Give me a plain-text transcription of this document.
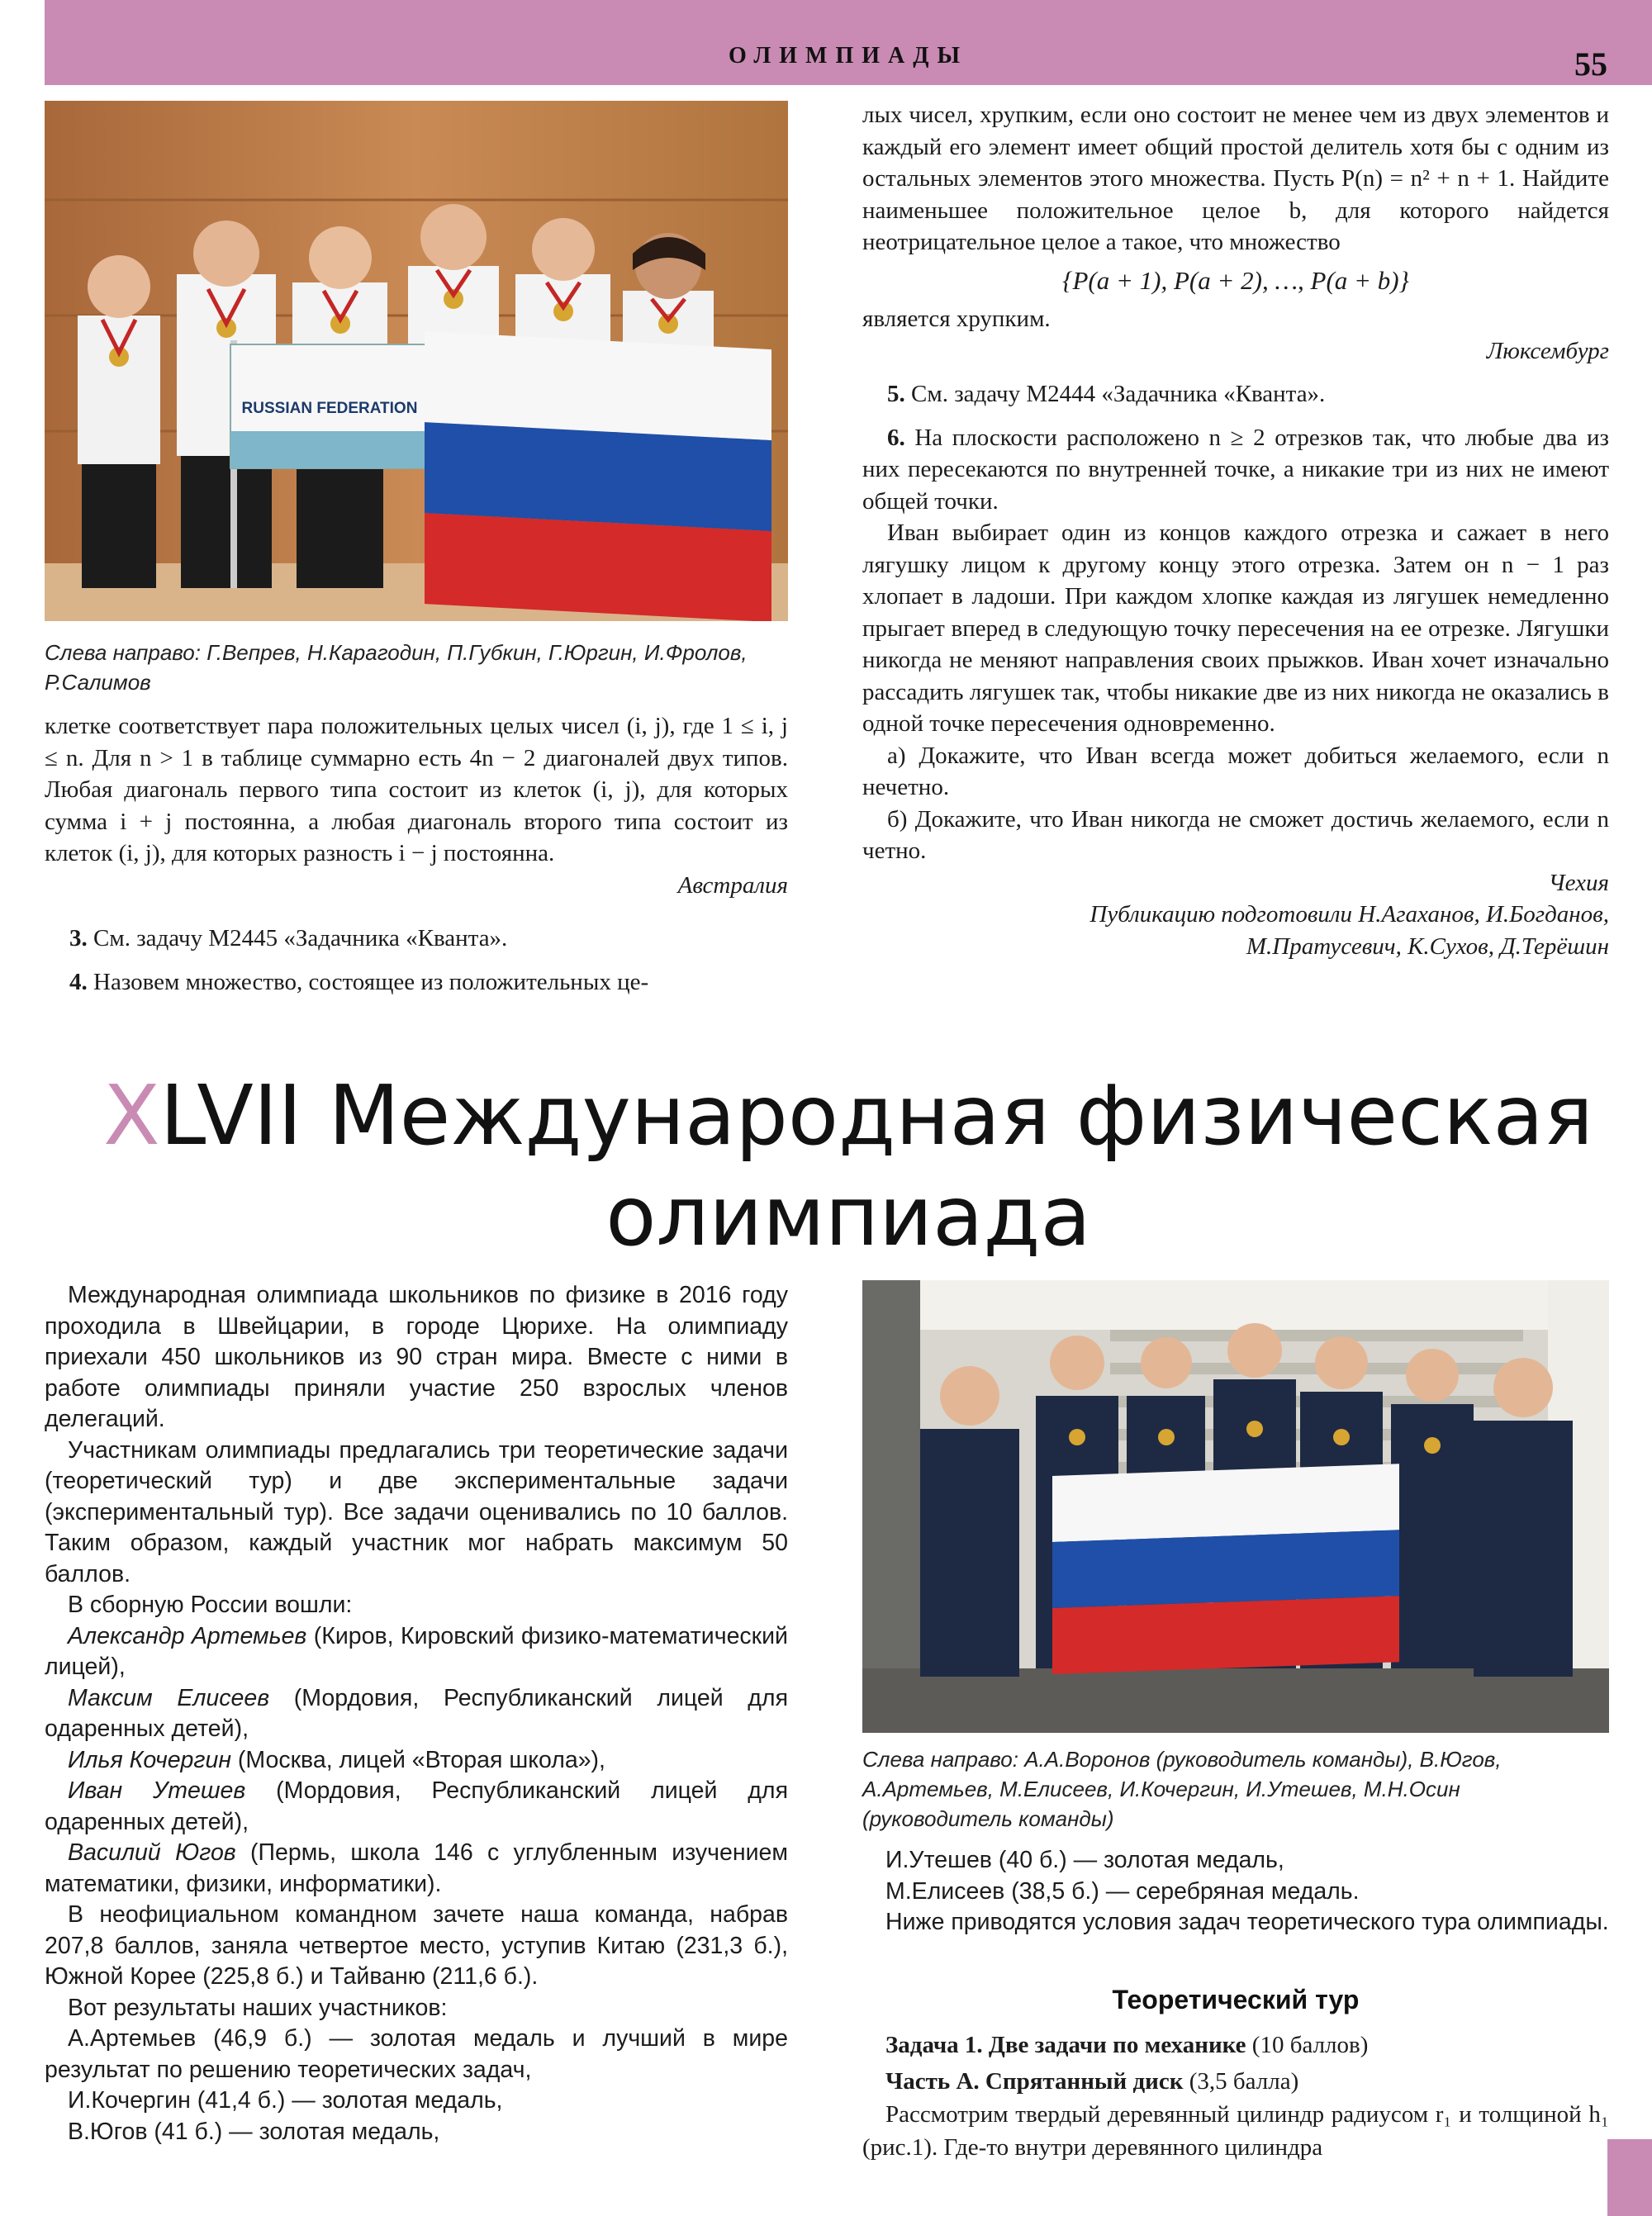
ОЛИМПИАДЫ	55
RUSSIAN FEDERATION
Слева направо: Г.Вепрев, Н.Карагодин, П.Губкин, Г.Юргин, И.Фролов, Р.Салимов

клетке соответствует пара положительных целых чисел (i, j), где 1 ≤ i, j ≤ n. Для n > 1 в таблице суммарно есть 4n − 2 диагоналей двух типов. Любая диагональ первого типа состоит из клеток (i, j), для которых сумма i + j постоянна, а любая диагональ второго типа состоит из клеток (i, j), для которых разность i − j постоянна.

Австралия

3. См. задачу М2445 «Задачника «Кванта».

4. Назовем множество, состоящее из положительных це-

лых чисел, хрупким, если оно состоит не менее чем из двух элементов и каждый его элемент имеет общий простой делитель хотя бы с одним из остальных элементов этого множества. Пусть P(n) = n² + n + 1. Найдите наименьшее положительное целое b, для которого найдется неотрицательное целое a такое, что множество

{P(a + 1), P(a + 2), …, P(a + b)}

является хрупким.

Люксембург

5. См. задачу М2444 «Задачника «Кванта».

6. На плоскости расположено n ≥ 2 отрезков так, что любые два из них пересекаются по внутренней точке, а никакие три из них не имеют общей точки.

Иван выбирает один из концов каждого отрезка и сажает в него лягушку лицом к другому концу этого отрезка. Затем он n − 1 раз хлопает в ладоши. При каждом хлопке каждая из лягушек немедленно прыгает вперед в следующую точку пересечения на ее отрезке. Лягушки никогда не меняют направления своих прыжков. Иван хочет изначально рассадить лягушек так, чтобы никакие две из них никогда не оказались в одной точке пересечения одновременно.

а) Докажите, что Иван всегда может добиться желаемого, если n нечетно.

б) Докажите, что Иван никогда не сможет достичь желаемого, если n четно.

Чехия

Публикацию подготовили Н.Агаханов, И.Богданов,

М.Пратусевич, К.Сухов, Д.Терёшин

XLVII Международная физическая
олимпиада

Международная олимпиада школьников по физике в 2016 году проходила в Швейцарии, в городе Цюрихе. На олимпиаду приехали 450 школьников из 90 стран мира. Вместе с ними в работе олимпиады приняли участие 250 взрослых членов делегаций.

Участникам олимпиады предлагались три теоретические задачи (теоретический тур) и две экспериментальные задачи (экспериментальный тур). Все задачи оценивались по 10 баллов. Таким образом, каждый участник мог набрать максимум 50 баллов.

В сборную России вошли:

Александр Артемьев (Киров, Кировский физико-математический лицей),

Максим Елисеев (Мордовия, Республиканский лицей для одаренных детей),

Илья Кочергин (Москва, лицей «Вторая школа»),

Иван Утешев (Мордовия, Республиканский лицей для одаренных детей),

Василий Югов (Пермь, школа 146 с углубленным изучением математики, физики, информатики).

В неофициальном командном зачете наша команда, набрав 207,8 баллов, заняла четвертое место, уступив Китаю (231,3 б.), Южной Корее (225,8 б.) и Тайваню (211,6 б.).

Вот результаты наших участников:

А.Артемьев (46,9 б.) — золотая медаль и лучший в мире результат по решению теоретических задач,

И.Кочергин (41,4 б.) — золотая медаль,

В.Югов (41 б.) — золотая медаль,

Слева направо: А.А.Воронов (руководитель команды), В.Югов, А.Артемьев, М.Елисеев, И.Кочергин, И.Утешев, М.Н.Осин (руководитель команды)

И.Утешев (40 б.) — золотая медаль,

М.Елисеев (38,5 б.) — серебряная медаль.

Ниже приводятся условия задач теоретического тура олимпиады.

Теоретический тур

Задача 1. Две задачи по механике (10 баллов)

Часть А. Спрятанный диск (3,5 балла)

Рассмотрим твердый деревянный цилиндр радиусом r₁ и толщиной h₁ (рис.1). Где-то внутри деревянного цилиндра
